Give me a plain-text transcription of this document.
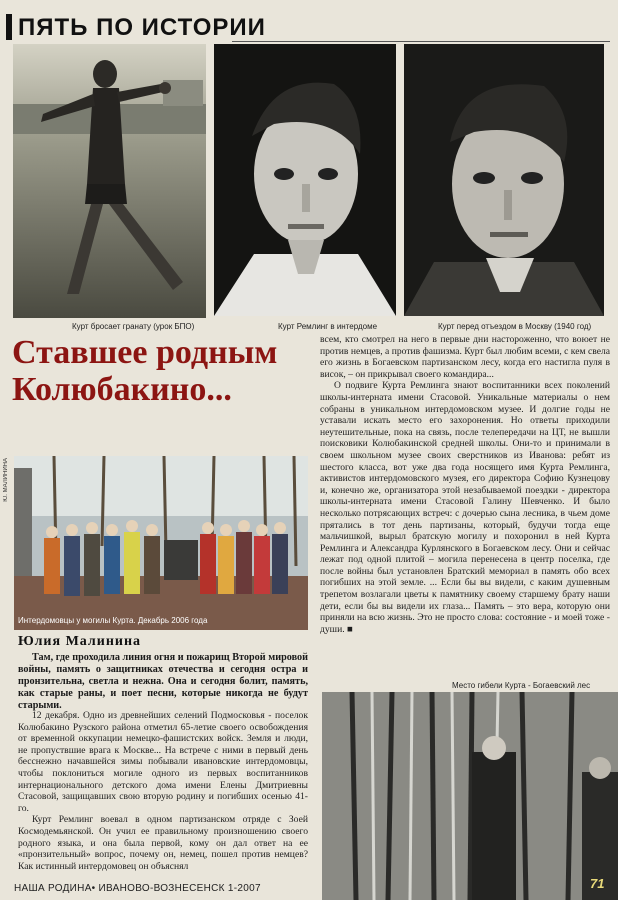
ПЯТЬ ПО ИСТОРИИ
Курт бросает гранату (урок БПО)	Курт Ремлинг в интердоме	Курт перед отъездом в Москву (1940 год)
Ставшее родным Колюбакино...
Ю. МАЛИНИНА
Интердомовцы у могилы Курта. Декабрь 2006 года
Юлия Малинина
Там, где проходила линия огня и пожарищ Второй мировой войны, память о защитниках отечества и сегодня остра и пронзительна, светла и нежна. Она и сегодня болит, память, как старые раны, и поет песни, которые никогда не будут старыми.

12 декабря. Одно из древнейших селений Подмосковья - поселок Колюбакино Рузского района отметил 65-летие своего освобождения от временной оккупации немецко-фашистских войск. Земля и люди, не пропуствшие врага к Москве... На встрече с ними в первый день бесснежно начавшейся зимы побывали ивановские интердомовцы, чтобы поклониться могиле одного из первых воспитанников интернационального детского дома имени Елены Дмитриевны Стасовой, защищавших свою вторую родину и погибших осенью 41-го.

Курт Ремлинг воевал в одном партизанском отряде с Зоей Космодемьянской. Он учил ее правильному произношению своего родного языка, и она была первой, кому он дал ответ на ее «пронзительный» вопрос, почему он, немец, пошел против немцев? Как истинный интердомовец он объяснял

всем, кто смотрел на него в первые дни настороженно, что воюет не против немцев, а против фашизма. Курт был любим всеми, с кем свела его жизнь в Богаевском партизанском лесу, когда его настигла пуля в висок, – он прикрывал своего командира...

О подвиге Курта Ремлинга знают воспитанники всех поколений школы-интерната имени Стасовой. Уникальные материалы о нем собраны в уникальном интердомовском музее. И долгие годы не уставали искать место его захоронения. Но ответы приходили неутешительные, пока на связь, после телепередачи на ЦТ, не вышли поисковики Колюбакинской средней школы. Они-то и принимали в своем школьном музее своих сверстников из Иванова: ребят из шестого класса, вот уже два года носящего имя Курта Ремлинга, активистов интердомовского музея, его директора Софию Кузнецову и, конечно же, организатора этой незабываемой поездки - директора школы-интерната имени Стасовой Галину Шевченко. И было несколько потрясающих встреч: с дочерью сына лесника, в чьем доме прятались в тот день партизаны, который, будучи тогда еще мальчишкой, вырыл братскую могилу и похоронил в ней Курта Ремлинга и Александра Курлянского в Богаевском лесу. Они и сейчас лежат под одной плитой – могила перенесена в центр поселка, где после войны был установлен Братский мемориал в память обо всех погибших на этой земле. ... Если бы вы видели, с каким душевным трепетом возлагали цветы к памятнику своему старшему брату наши дети, если бы вы видели их глаза... Память – это вера, которую они приняли на всю жизнь. Это не просто слова: состояние - и моей тоже - души. ■

Место гибели Курта - Богаевский лес
НАША РОДИНА• ИВАНОВО-ВОЗНЕСЕНСК 1-2007	71
